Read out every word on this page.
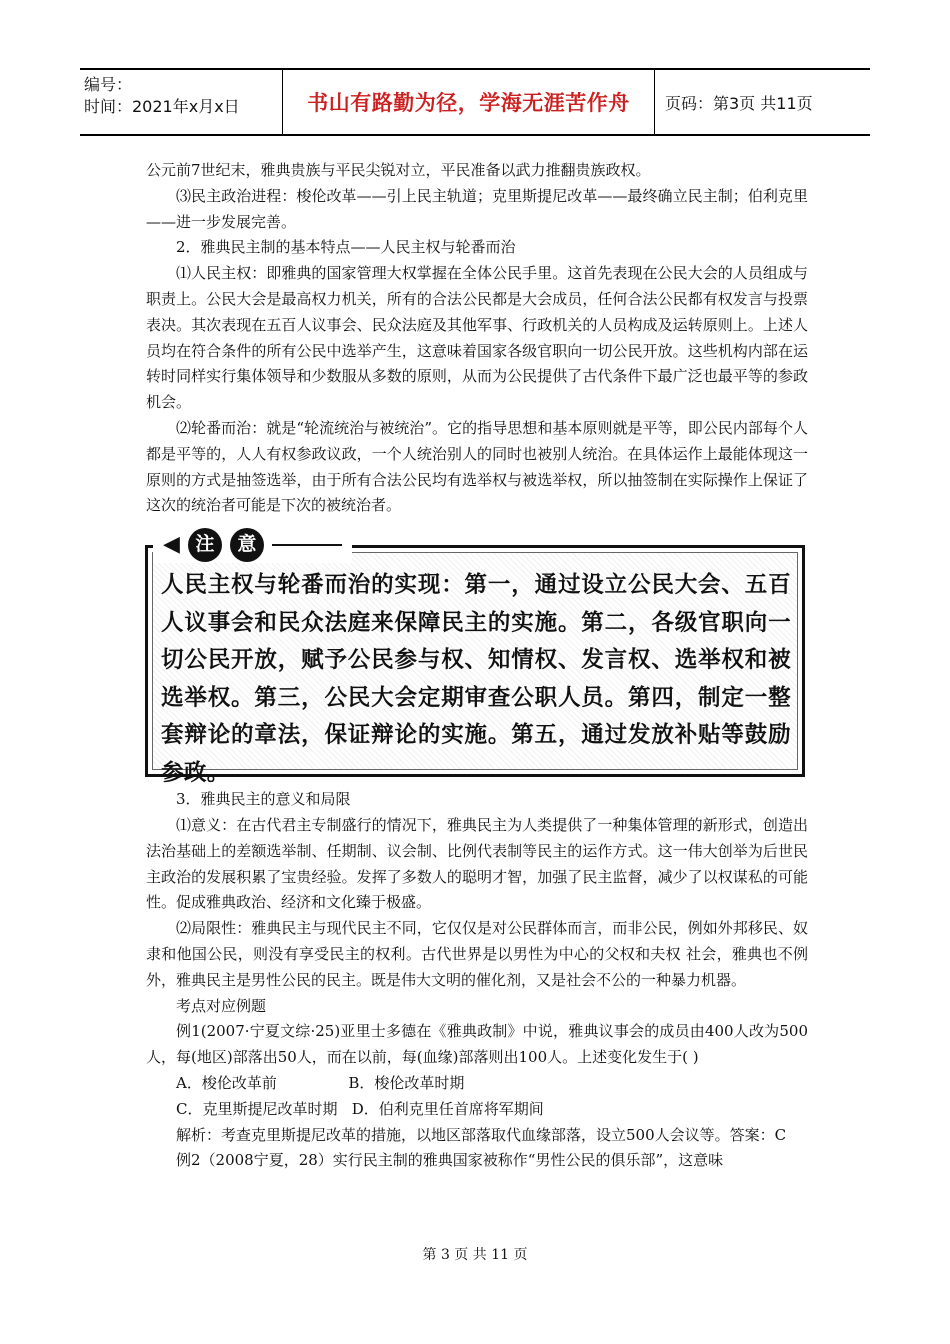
编号：
时间：2021年x月x日	书山有路勤为径，学海无涯苦作舟	页码：第3页 共11页

公元前7世纪末，雅典贵族与平民尖锐对立，平民准备以武力推翻贵族政权。

⑶民主政治进程：梭伦改革——引上民主轨道；克里斯提尼改革——最终确立民主制；伯利克里——进一步发展完善。

2．雅典民主制的基本特点——人民主权与轮番而治

⑴人民主权：即雅典的国家管理大权掌握在全体公民手里。这首先表现在公民大会的人员组成与职责上。公民大会是最高权力机关，所有的合法公民都是大会成员，任何合法公民都有权发言与投票表决。其次表现在五百人议事会、民众法庭及其他军事、行政机关的人员构成及运转原则上。上述人员均在符合条件的所有公民中选举产生，这意味着国家各级官职向一切公民开放。这些机构内部在运转时同样实行集体领导和少数服从多数的原则，从而为公民提供了古代条件下最广泛也最平等的参政机会。

⑵轮番而治：就是“轮流统治与被统治”。它的指导思想和基本原则就是平等，即公民内部每个人都是平等的，人人有权参政议政，一个人统治别人的同时也被别人统治。在具体运作上最能体现这一原则的方式是抽签选举，由于所有合法公民均有选举权与被选举权，所以抽签制在实际操作上保证了这次的统治者可能是下次的被统治者。

◀ 注	意
人民主权与轮番而治的实现：第一，通过设立公民大会、五百人议事会和民众法庭来保障民主的实施。第二，各级官职向一切公民开放，赋予公民参与权、知情权、发言权、选举权和被选举权。第三，公民大会定期审查公职人员。第四，制定一整套辩论的章法，保证辩论的实施。第五，通过发放补贴等鼓励参政。

3．雅典民主的意义和局限

⑴意义：在古代君主专制盛行的情况下，雅典民主为人类提供了一种集体管理的新形式，创造出法治基础上的差额选举制、任期制、议会制、比例代表制等民主的运作方式。这一伟大创举为后世民主政治的发展积累了宝贵经验。发挥了多数人的聪明才智，加强了民主监督，减少了以权谋私的可能性。促成雅典政治、经济和文化臻于极盛。

⑵局限性：雅典民主与现代民主不同，它仅仅是对公民群体而言，而非公民，例如外邦移民、奴隶和他国公民，则没有享受民主的权利。古代世界是以男性为中心的父权和夫权 社会，雅典也不例外，雅典民主是男性公民的民主。既是伟大文明的催化剂，又是社会不公的一种暴力机器。

考点对应例题

例1(2007·宁夏文综·25)亚里士多德在《雅典政制》中说，雅典议事会的成员由400人改为500人，每(地区)部落出50人，而在以前，每(血缘)部落则出100人。上述变化发生于( )

A．梭伦改革前               B．梭伦改革时期

C．克里斯提尼改革时期   D．伯利克里任首席将军期间

解析：考查克里斯提尼改革的措施，以地区部落取代血缘部落，设立500人会议等。答案：C

例2（2008宁夏，28）实行民主制的雅典国家被称作“男性公民的俱乐部”，这意味

第 3 页 共 11 页
